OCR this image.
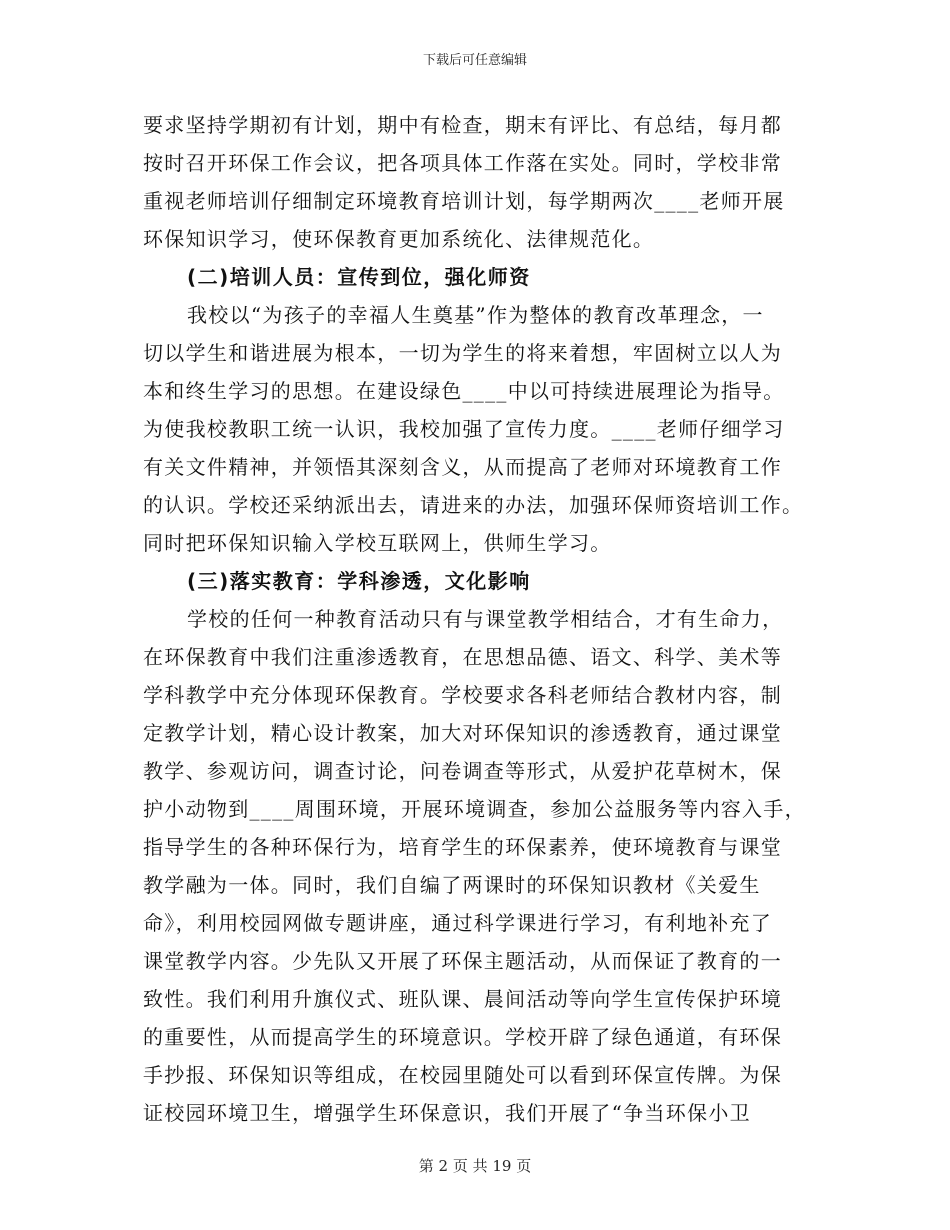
下载后可任意编辑
要求坚持学期初有计划，期中有检查，期末有评比、有总结，每月都
按时召开环保工作会议，把各项具体工作落在实处。同时，学校非常
重视老师培训仔细制定环境教育培训计划，每学期两次____老师开展
环保知识学习，使环保教育更加系统化、法律规范化。
(二)培训人员：宣传到位，强化师资
我校以“为孩子的幸福人生奠基”作为整体的教育改革理念，一
切以学生和谐进展为根本，一切为学生的将来着想，牢固树立以人为
本和终生学习的思想。在建设绿色____中以可持续进展理论为指导。
为使我校教职工统一认识，我校加强了宣传力度。____老师仔细学习
有关文件精神，并领悟其深刻含义，从而提高了老师对环境教育工作
的认识。学校还采纳派出去，请进来的办法，加强环保师资培训工作。
同时把环保知识输入学校互联网上，供师生学习。
(三)落实教育：学科渗透，文化影响
学校的任何一种教育活动只有与课堂教学相结合，才有生命力，
在环保教育中我们注重渗透教育，在思想品德、语文、科学、美术等
学科教学中充分体现环保教育。学校要求各科老师结合教材内容，制
定教学计划，精心设计教案，加大对环保知识的渗透教育，通过课堂
教学、参观访问，调查讨论，问卷调查等形式，从爱护花草树木，保
护小动物到____周围环境，开展环境调查，参加公益服务等内容入手，
指导学生的各种环保行为，培育学生的环保素养，使环境教育与课堂
教学融为一体。同时，我们自编了两课时的环保知识教材《关爱生
命》，利用校园网做专题讲座，通过科学课进行学习，有利地补充了
课堂教学内容。少先队又开展了环保主题活动，从而保证了教育的一
致性。我们利用升旗仪式、班队课、晨间活动等向学生宣传保护环境
的重要性，从而提高学生的环境意识。学校开辟了绿色通道，有环保
手抄报、环保知识等组成，在校园里随处可以看到环保宣传牌。为保
证校园环境卫生，增强学生环保意识，我们开展了“争当环保小卫
第 2 页 共 19 页
